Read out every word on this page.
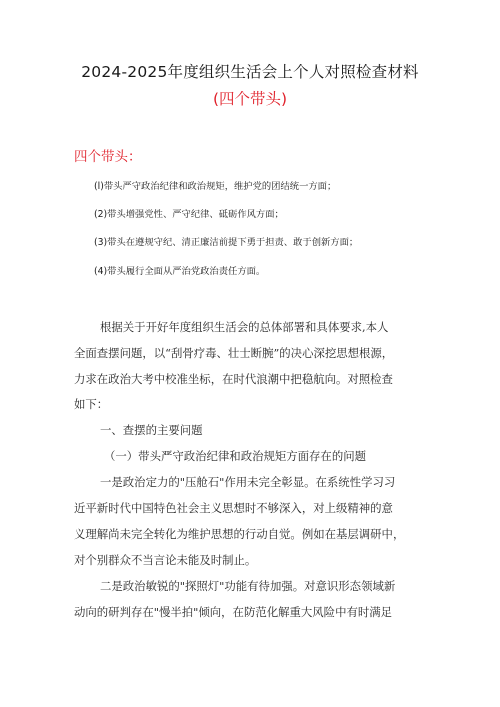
2024-2025年度组织生活会上个人对照检查材料
(四个带头)
四个带头：
(l)带头严守政治纪律和政治规矩，维护党的团结统一方面；
(2)带头增强党性、严守纪律、砥砺作风方面；
(3)带头在遵规守纪、清正廉洁前提下勇于担责、敢于创新方面；
(4)带头履行全面从严治党政治责任方面。
根据关于开好年度组织生活会的总体部署和具体要求,本人
全面查摆问题，以“刮骨疗毒、壮士断腕”的决心深挖思想根源，
力求在政治大考中校准坐标，在时代浪潮中把稳航向。对照检查
如下：
一、查摆的主要问题
（一）带头严守政治纪律和政治规矩方面存在的问题
一是政治定力的"压舱石"作用未完全彰显。在系统性学习习
近平新时代中国特色社会主义思想时不够深入，对上级精神的意
义理解尚未完全转化为维护思想的行动自觉。例如在基层调研中，
对个别群众不当言论未能及时制止。
二是政治敏锐的"探照灯"功能有待加强。对意识形态领域新
动向的研判存在"慢半拍"倾向，在防范化解重大风险中有时满足
